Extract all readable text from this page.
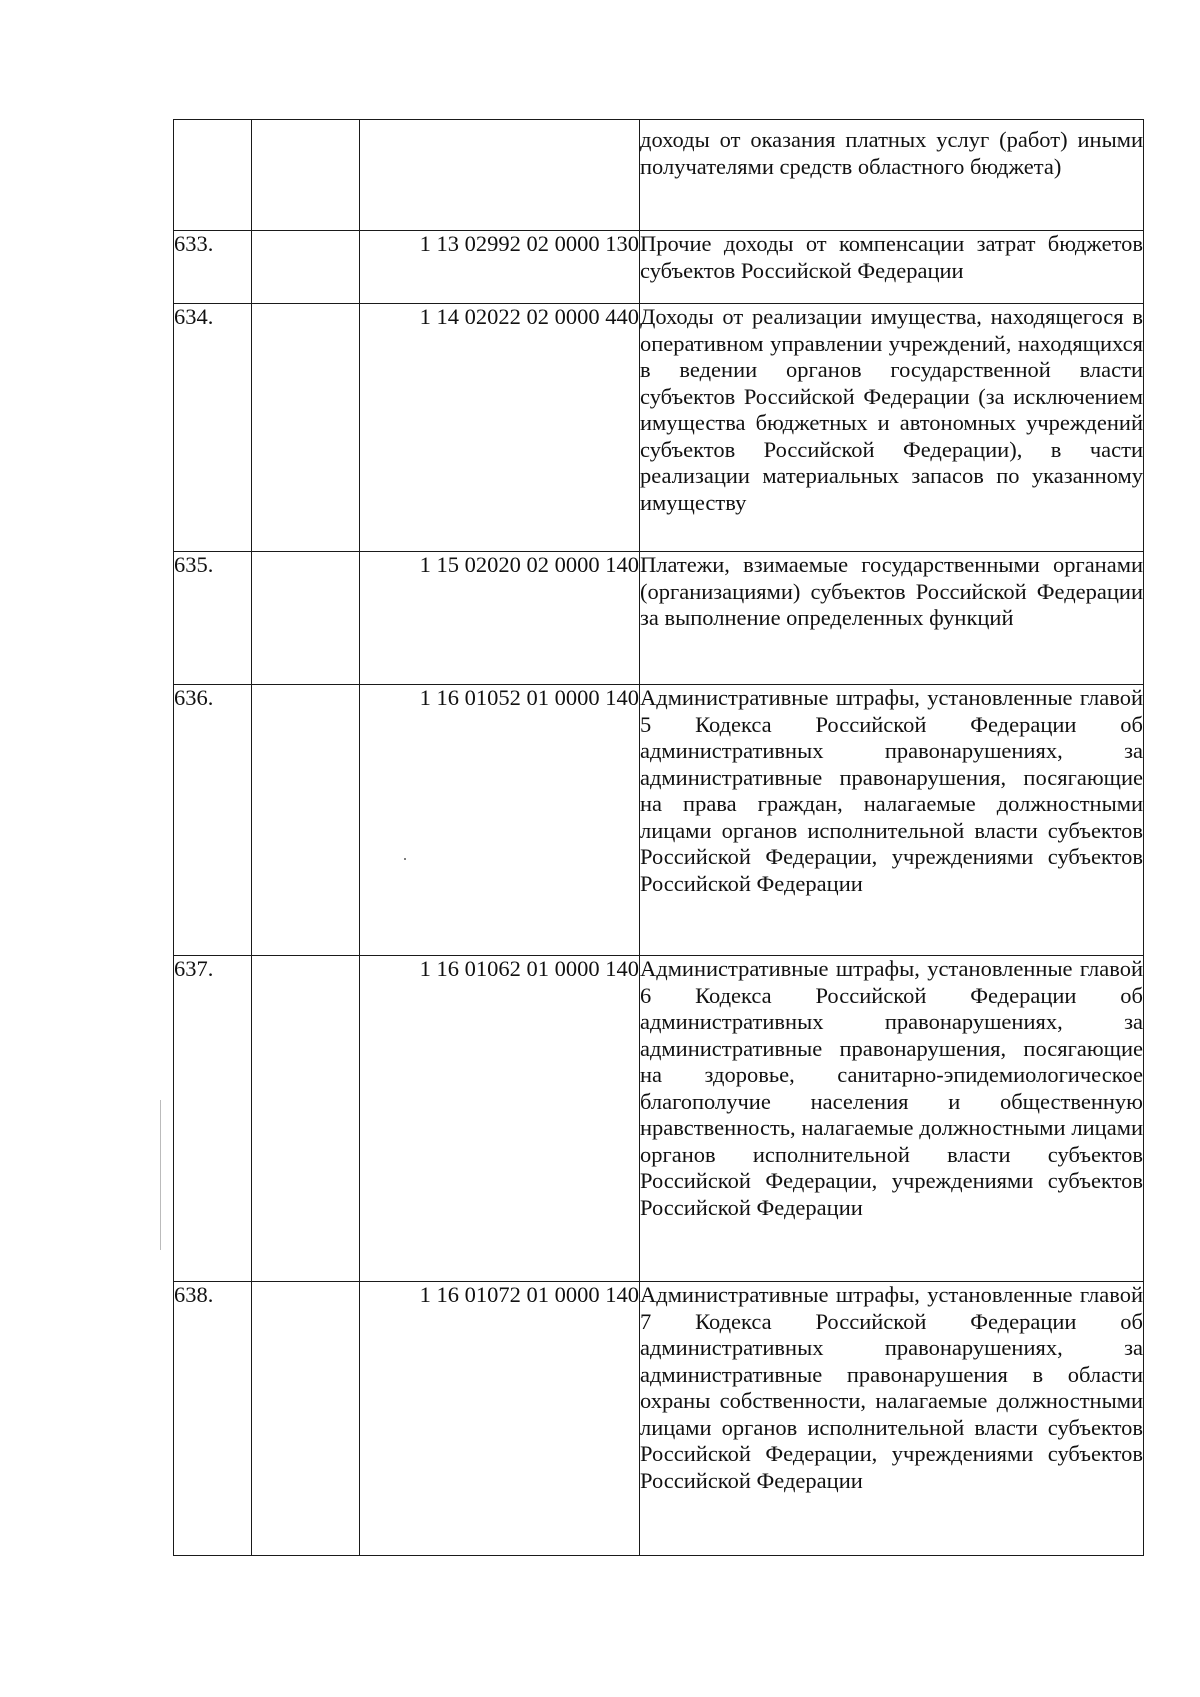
			доходы от оказания платных услуг (работ) иными получателями средств областного бюджета)
633.		1 13 02992 02 0000 130	Прочие доходы от компенсации затрат бюджетов субъектов Российской Федерации
634.		1 14 02022 02 0000 440	Доходы от реализации имущества, находящегося в оперативном управлении учреждений, находящихся в ведении органов государственной власти субъектов Российской Федерации (за исключением имущества бюджетных и автономных учреждений субъектов Российской Федерации), в части реализации материальных запасов по указанному имуществу
635.		1 15 02020 02 0000 140	Платежи, взимаемые государственными органами (организациями) субъектов Российской Федерации за выполнение определенных функций
636.		1 16 01052 01 0000 140	Административные штрафы, установленные главой 5 Кодекса Российской Федерации об административных правонарушениях, за административные правонарушения, посягающие на права граждан, налагаемые должностными лицами органов исполнительной власти субъектов Российской Федерации, учреждениями субъектов Российской Федерации
637.		1 16 01062 01 0000 140	Административные штрафы, установленные главой 6 Кодекса Российской Федерации об административных правонарушениях, за административные правонарушения, посягающие на здоровье, санитарно-эпидемиологическое благополучие населения и общественную нравственность, налагаемые должностными лицами органов исполнительной власти субъектов Российской Федерации, учреждениями субъектов Российской Федерации
638.		1 16 01072 01 0000 140	Административные штрафы, установленные главой 7 Кодекса Российской Федерации об административных правонарушениях, за административные правонарушения в области охраны собственности, налагаемые должностными лицами органов исполнительной власти субъектов Российской Федерации, учреждениями субъектов Российской Федерации
